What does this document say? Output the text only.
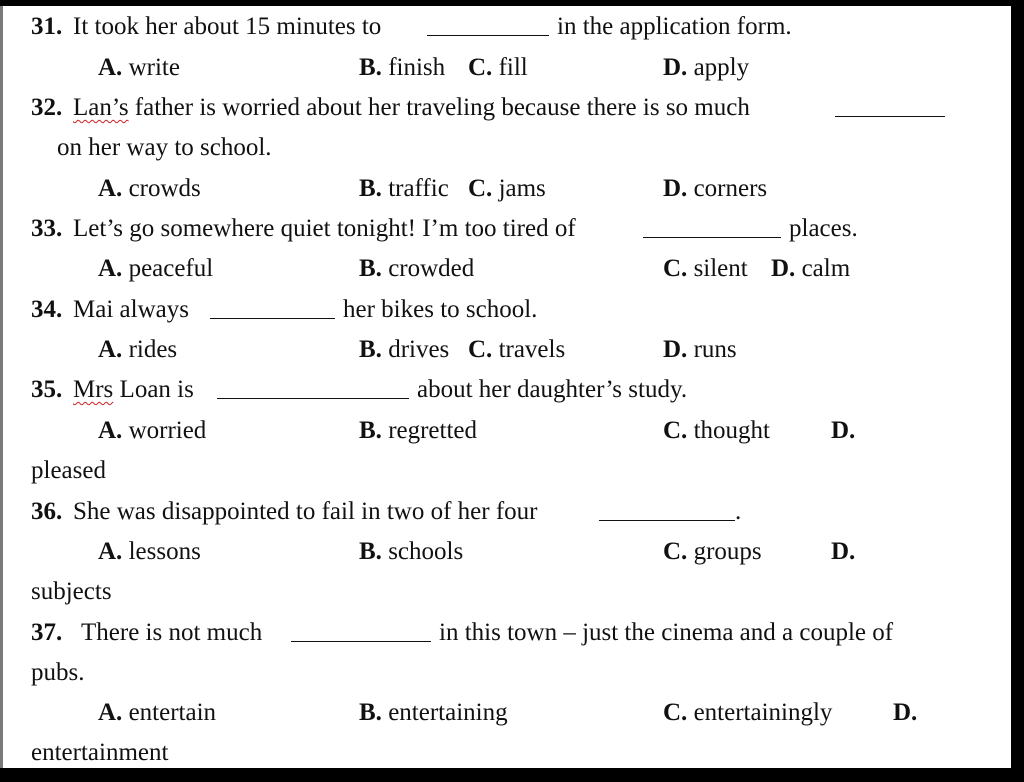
31. It took her about 15 minutes to	in the application form.
A. write	B. finish C. fill	D. apply
32. Lan’s father is worried about her traveling because there is so much
on her way to school.
A. crowds	B. traffic C. jams	D. corners
33. Let’s go somewhere quiet tonight! I’m too tired of	places.
A. peaceful	B. crowded	C. silent D. calm
34. Mai always	her bikes to school.
A. rides	B. drives C. travels	D. runs
35. Mrs Loan is	about her daughter’s study.
A. worried	B. regretted	C. thought D.
pleased
36. She was disappointed to fail in two of her four	.
A. lessons	B. schools	C. groups	D.
subjects
37. There is not much	in this town – just the cinema and a couple of
pubs.
A. entertain	B. entertaining	C. entertainingly D.
entertainment
